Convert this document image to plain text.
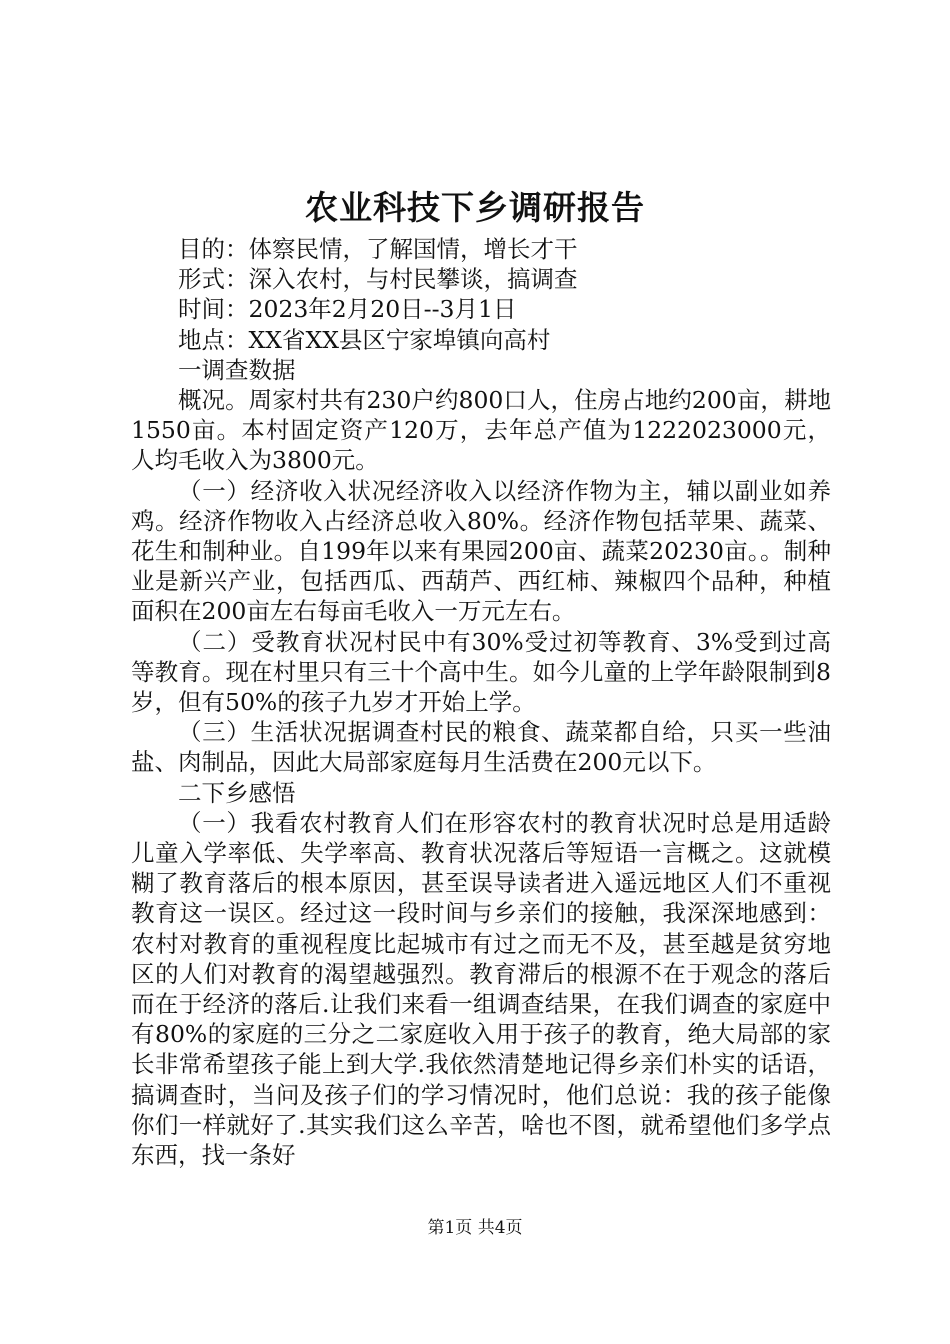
农业科技下乡调研报告

目的：体察民情，了解国情，增长才干

形式：深入农村，与村民攀谈，搞调查

时间：2023年2月20日--3月1日

地点：XX省XX县区宁家埠镇向高村

一调查数据

概况。周家村共有230户约800口人，住房占地约200亩，耕地1550亩。本村固定资产120万，去年总产值为1222023000元，人均毛收入为3800元。

（一）经济收入状况经济收入以经济作物为主，辅以副业如养鸡。经济作物收入占经济总收入80%。经济作物包括苹果、蔬菜、花生和制种业。自199年以来有果园200亩、蔬菜20230亩。。制种业是新兴产业，包括西瓜、西葫芦、西红柿、辣椒四个品种，种植面积在200亩左右每亩毛收入一万元左右。

（二）受教育状况村民中有30%受过初等教育、3%受到过高等教育。现在村里只有三十个高中生。如今儿童的上学年龄限制到8岁，但有50%的孩子九岁才开始上学。

（三）生活状况据调查村民的粮食、蔬菜都自给，只买一些油盐、肉制品，因此大局部家庭每月生活费在200元以下。

二下乡感悟

（一）我看农村教育人们在形容农村的教育状况时总是用适龄儿童入学率低、失学率高、教育状况落后等短语一言概之。这就模糊了教育落后的根本原因，甚至误导读者进入遥远地区人们不重视教育这一误区。经过这一段时间与乡亲们的接触，我深深地感到：农村对教育的重视程度比起城市有过之而无不及，甚至越是贫穷地区的人们对教育的渴望越强烈。教育滞后的根源不在于观念的落后而在于经济的落后.让我们来看一组调查结果，在我们调查的家庭中有80%的家庭的三分之二家庭收入用于孩子的教育，绝大局部的家长非常希望孩子能上到大学.我依然清楚地记得乡亲们朴实的话语，搞调查时，当问及孩子们的学习情况时，他们总说：我的孩子能像你们一样就好了.其实我们这么辛苦，啥也不图，就希望他们多学点东西，找一条好

第1页 共4页
